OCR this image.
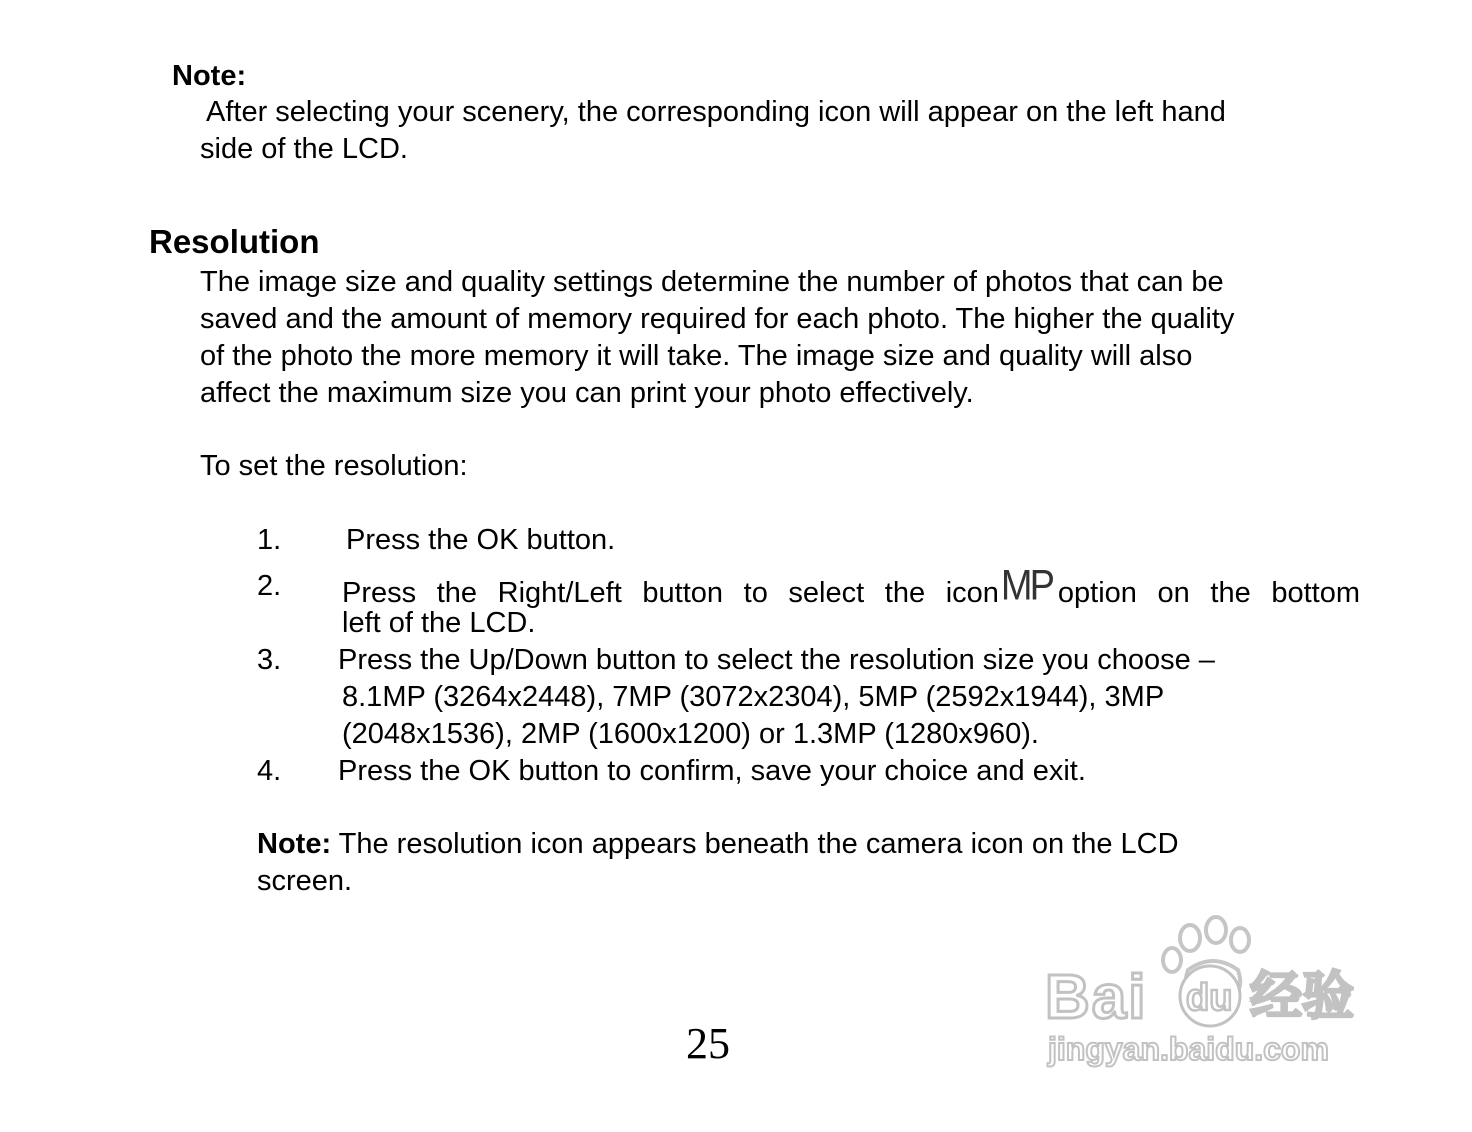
Note:
After selecting your scenery, the corresponding icon will appear on the left hand
side of the LCD.
Resolution
The image size and quality settings determine the number of photos that can be
saved and the amount of memory required for each photo. The higher the quality
of the photo the more memory it will take. The image size and quality will also
affect the maximum size you can print your photo effectively.
To set the resolution:
1. Press the OK button.
2. Press the Right/Left button to select the iconMP option on the bottom
left of the LCD.
3. Press the Up/Down button to select the resolution size you choose –
8.1MP (3264x2448), 7MP (3072x2304), 5MP (2592x1944), 3MP
(2048x1536), 2MP (1600x1200) or 1.3MP (1280x960).
4. Press the OK button to confirm, save your choice and exit.
Note: The resolution icon appears beneath the camera icon on the LCD
screen.
25
Bai du 经验
jingyan.baidu.com
